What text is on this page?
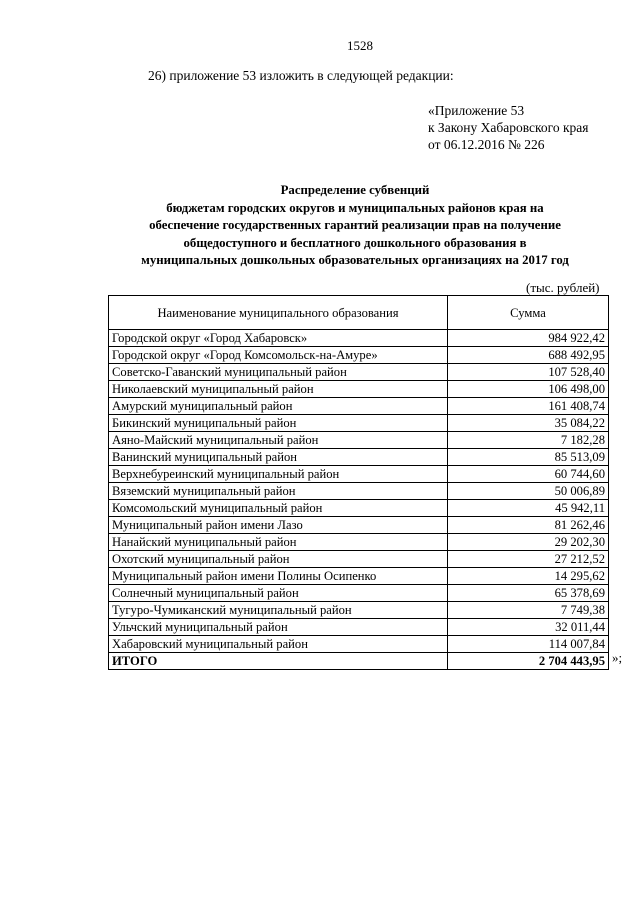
1528
26) приложение 53 изложить в следующей редакции:
«Приложение 53
к Закону Хабаровского края
от 06.12.2016 № 226
Распределение субвенций
бюджетам городских округов и муниципальных районов края на
обеспечение государственных гарантий реализации прав на получение
общедоступного и бесплатного дошкольного образования в
муниципальных дошкольных образовательных организациях на 2017 год
(тыс. рублей)
Наименование муниципального образования	Сумма
Городской округ «Город Хабаровск»	984 922,42
Городской округ «Город Комсомольск-на-Амуре»	688 492,95
Советско-Гаванский муниципальный район	107 528,40
Николаевский муниципальный район	106 498,00
Амурский муниципальный район	161 408,74
Бикинский муниципальный район	35 084,22
Аяно-Майский муниципальный район	7 182,28
Ванинский муниципальный район	85 513,09
Верхнебуреинский муниципальный район	60 744,60
Вяземский муниципальный район	50 006,89
Комсомольский муниципальный район	45 942,11
Муниципальный район имени Лазо	81 262,46
Нанайский муниципальный район	29 202,30
Охотский муниципальный район	27 212,52
Муниципальный район имени Полины Осипенко	14 295,62
Солнечный муниципальный район	65 378,69
Тугуро-Чумиканский муниципальный район	7 749,38
Ульчский муниципальный район	32 011,44
Хабаровский муниципальный район	114 007,84
ИТОГО	2 704 443,95 »;
